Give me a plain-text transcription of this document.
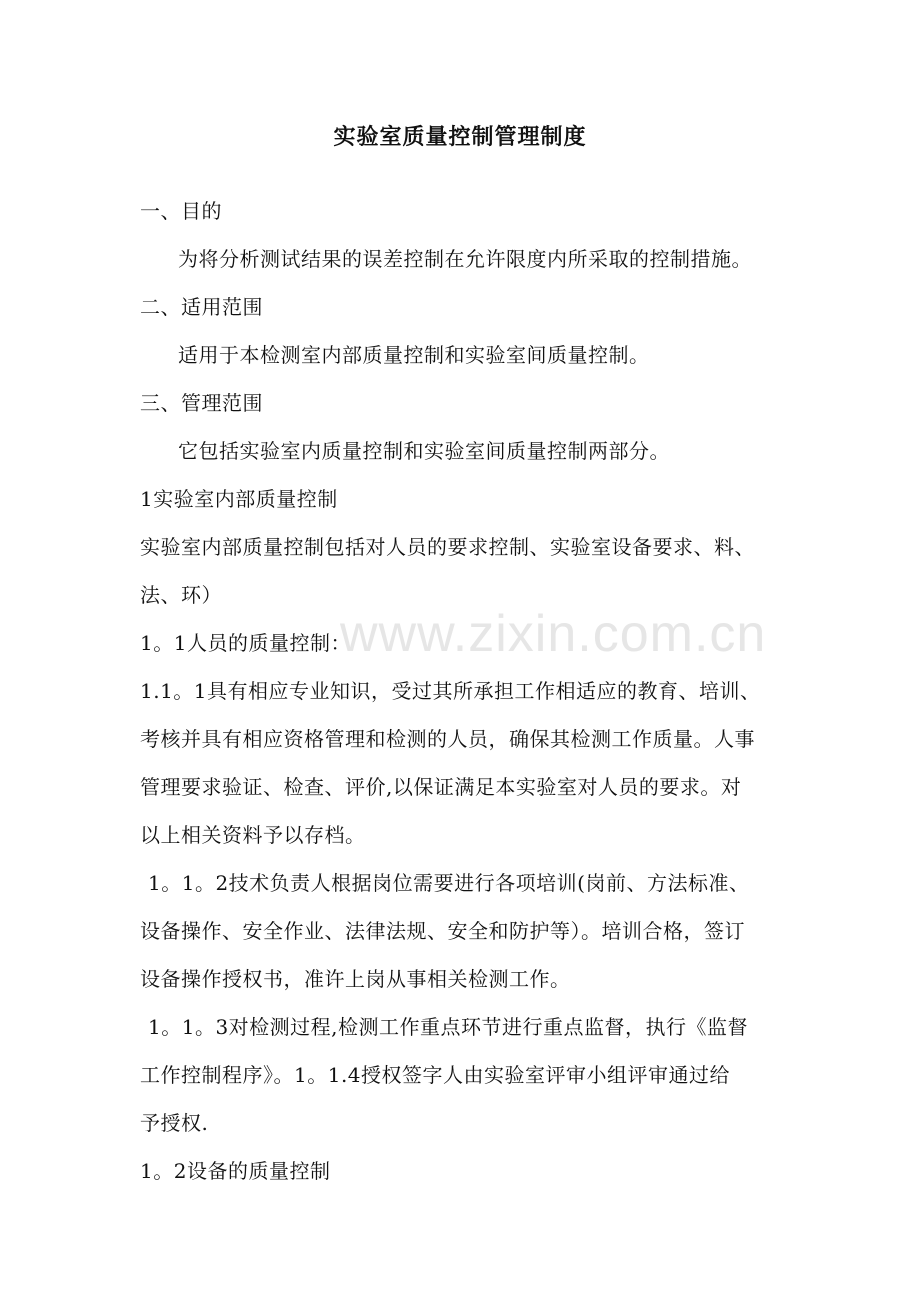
www.zixin.com.cn
实验室质量控制管理制度
一、目的
为将分析测试结果的误差控制在允许限度内所采取的控制措施。
二、适用范围
适用于本检测室内部质量控制和实验室间质量控制。
三、管理范围
它包括实验室内质量控制和实验室间质量控制两部分。
1实验室内部质量控制
实验室内部质量控制包括对人员的要求控制、实验室设备要求、料、
法、环）
1。1人员的质量控制：
1.1。1具有相应专业知识，受过其所承担工作相适应的教育、培训、
考核并具有相应资格管理和检测的人员，确保其检测工作质量。人事
管理要求验证、检查、评价,以保证满足本实验室对人员的要求。对
以上相关资料予以存档。
1。1。2技术负责人根据岗位需要进行各项培训(岗前、方法标准、
设备操作、安全作业、法律法规、安全和防护等）。培训合格，签订
设备操作授权书，准许上岗从事相关检测工作。
1。1。3对检测过程,检测工作重点环节进行重点监督，执行《监督
工作控制程序》。1。1.4授权签字人由实验室评审小组评审通过给
予授权.
1。2设备的质量控制
